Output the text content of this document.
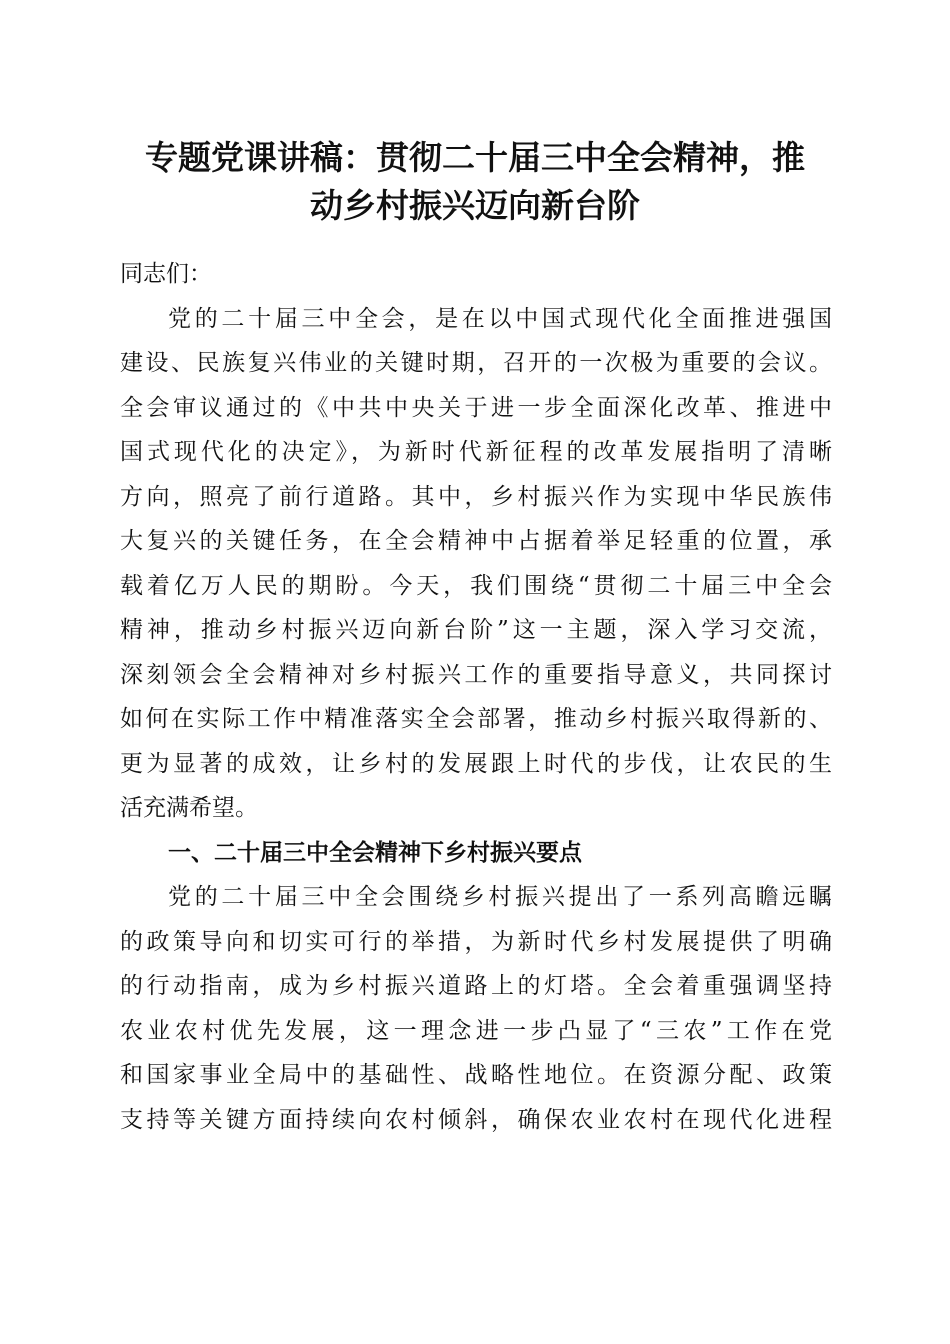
专题党课讲稿：贯彻二十届三中全会精神，推
动乡村振兴迈向新台阶
同志们：
党的二十届三中全会，是在以中国式现代化全面推进强国
建设、民族复兴伟业的关键时期，召开的一次极为重要的会议。
全会审议通过的《中共中央关于进一步全面深化改革、推进中
国式现代化的决定》，为新时代新征程的改革发展指明了清晰
方向，照亮了前行道路。其中，乡村振兴作为实现中华民族伟
大复兴的关键任务，在全会精神中占据着举足轻重的位置，承
载着亿万人民的期盼。今天，我们围绕“贯彻二十届三中全会
精神，推动乡村振兴迈向新台阶”这一主题，深入学习交流，
深刻领会全会精神对乡村振兴工作的重要指导意义，共同探讨
如何在实际工作中精准落实全会部署，推动乡村振兴取得新的、
更为显著的成效，让乡村的发展跟上时代的步伐，让农民的生
活充满希望。
一、二十届三中全会精神下乡村振兴要点
党的二十届三中全会围绕乡村振兴提出了一系列高瞻远瞩
的政策导向和切实可行的举措，为新时代乡村发展提供了明确
的行动指南，成为乡村振兴道路上的灯塔。全会着重强调坚持
农业农村优先发展，这一理念进一步凸显了“三农”工作在党
和国家事业全局中的基础性、战略性地位。在资源分配、政策
支持等关键方面持续向农村倾斜，确保农业农村在现代化进程
